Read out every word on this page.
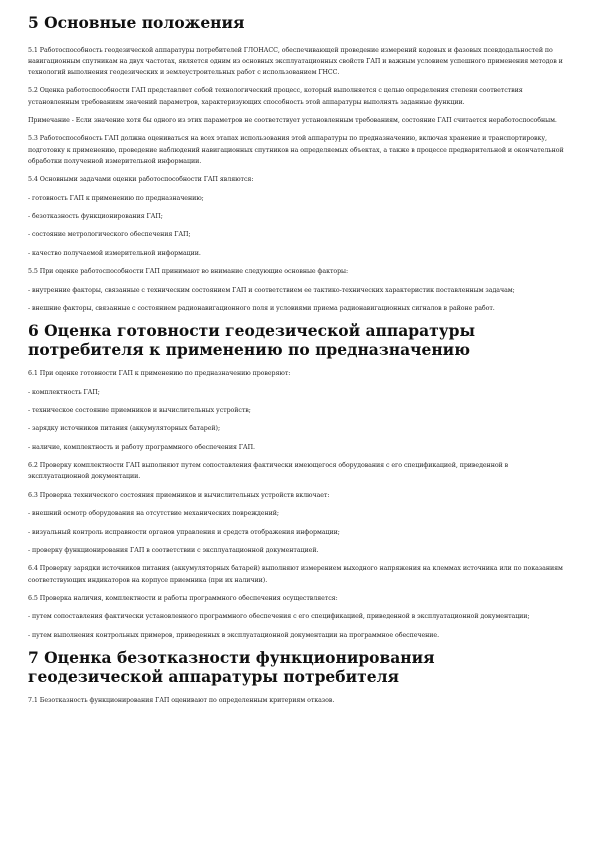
5 Основные положения

5.1 Работоспособность геодезической аппаратуры потребителей ГЛОНАСС, обеспечивающей проведение измерений кодовых и фазовых псевдодальностей по навигационным спутникам на двух частотах, является одним из основных эксплуатационных свойств ГАП и важным условием успешного применения методов и технологий выполнения геодезических и землеустроительных работ с использованием ГНСС.

5.2 Оценка работоспособности ГАП представляет собой технологический процесс, который выполняется с целью определения степени соответствия установленным требованиям значений параметров, характеризующих способность этой аппаратуры выполнять заданные функции.

Примечание - Если значение хотя бы одного из этих параметров не соответствует установленным требованиям, состояние ГАП считается неработоспособным.

5.3 Работоспособность ГАП должна оцениваться на всех этапах использования этой аппаратуры по предназначению, включая хранение и транспортировку, подготовку к применению, проведение наблюдений навигационных спутников на определяемых объектах, а также в процессе предварительной и окончательной обработки полученной измерительной информации.

5.4 Основными задачами оценки работоспособности ГАП являются:

- готовность ГАП к применению по предназначению;

- безотказность функционирования ГАП;

- состояние метрологического обеспечения ГАП;

- качество получаемой измерительной информации.

5.5 При оценке работоспособности ГАП принимают во внимание следующие основные факторы:

- внутренние факторы, связанные с техническим состоянием ГАП и соответствием ее тактико-технических характеристик поставленным задачам;

- внешние факторы, связанные с состоянием радионавигационного поля и условиями приема радионавигационных сигналов в районе работ.

6 Оценка готовности геодезической аппаратуры потребителя к применению по предназначению

6.1 При оценке готовности ГАП к применению по предназначению проверяют:

- комплектность ГАП;

- техническое состояние приемников и вычислительных устройств;

- зарядку источников питания (аккумуляторных батарей);

- наличие, комплектность и работу программного обеспечения ГАП.

6.2 Проверку комплектности ГАП выполняют путем сопоставления фактически имеющегося оборудования с его спецификацией, приведенной в эксплуатационной документации.

6.3 Проверка технического состояния приемников и вычислительных устройств включает:

- внешний осмотр оборудования на отсутствие механических повреждений;

- визуальный контроль исправности органов управления и средств отображения информации;

- проверку функционирования ГАП в соответствии с эксплуатационной документацией.

6.4 Проверку зарядки источников питания (аккумуляторных батарей) выполняют измерением выходного напряжения на клеммах источника или по показаниям соответствующих индикаторов на корпусе приемника (при их наличии).

6.5 Проверка наличия, комплектности и работы программного обеспечения осуществляется:

- путем сопоставления фактически установленного программного обеспечения с его спецификацией, приведенной в эксплуатационной документации;

- путем выполнения контрольных примеров, приведенных в эксплуатационной документации на программное обеспечение.

7 Оценка безотказности функционирования геодезической аппаратуры потребителя

7.1 Безотказность функционирования ГАП оценивают по определенным критериям отказов.
